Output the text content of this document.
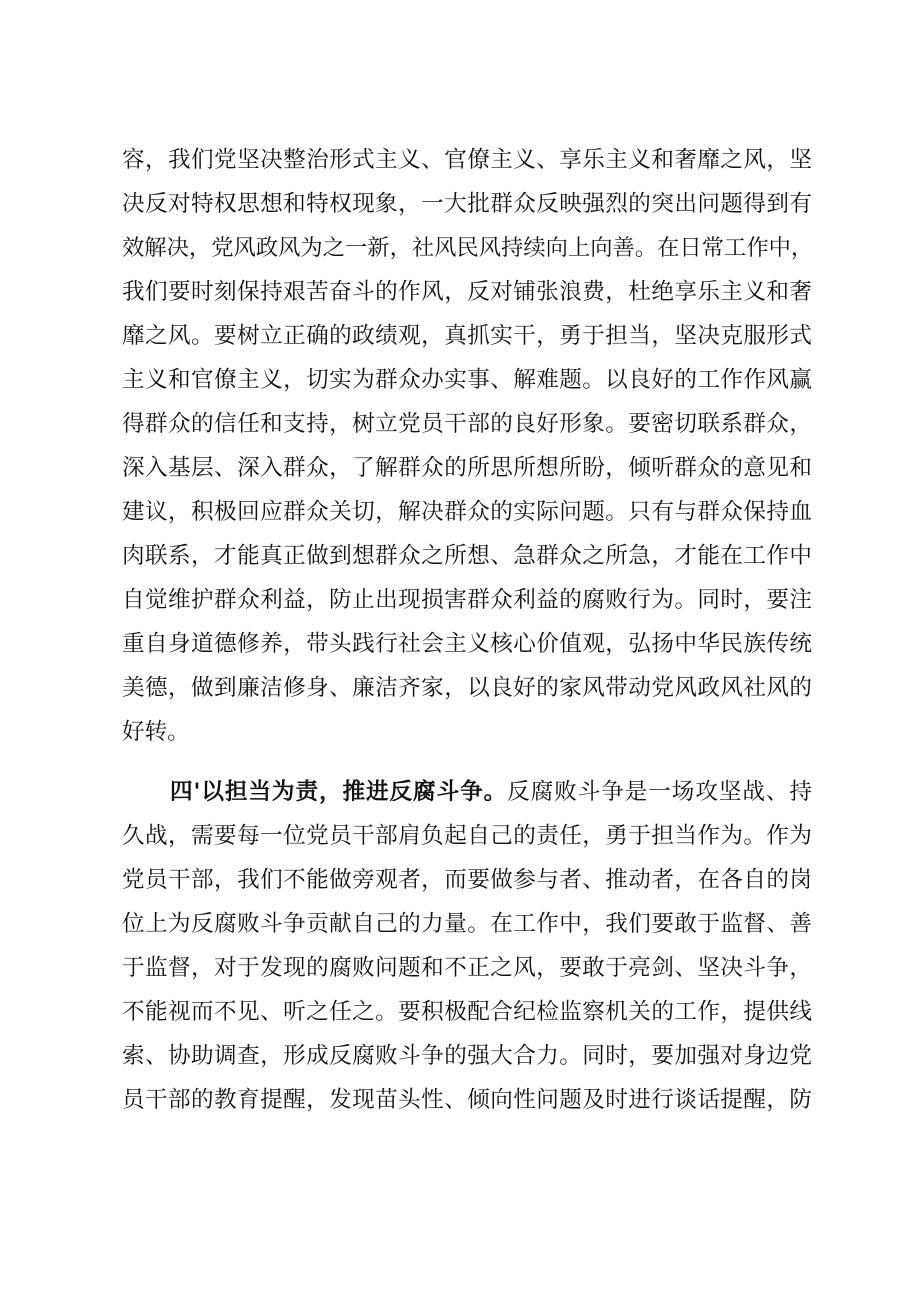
容，我们党坚决整治形式主义、官僚主义、享乐主义和奢靡之风，坚
决反对特权思想和特权现象，一大批群众反映强烈的突出问题得到有
效解决，党风政风为之一新，社风民风持续向上向善。在日常工作中，
我们要时刻保持艰苦奋斗的作风，反对铺张浪费，杜绝享乐主义和奢
靡之风。要树立正确的政绩观，真抓实干，勇于担当，坚决克服形式
主义和官僚主义，切实为群众办实事、解难题。以良好的工作作风赢
得群众的信任和支持，树立党员干部的良好形象。要密切联系群众，
深入基层、深入群众，了解群众的所思所想所盼，倾听群众的意见和
建议，积极回应群众关切，解决群众的实际问题。只有与群众保持血
肉联系，才能真正做到想群众之所想、急群众之所急，才能在工作中
自觉维护群众利益，防止出现损害群众利益的腐败行为。同时，要注
重自身道德修养，带头践行社会主义核心价值观，弘扬中华民族传统
美德，做到廉洁修身、廉洁齐家，以良好的家风带动党风政风社风的
好转。
四'以担当为责，推进反腐斗争。反腐败斗争是一场攻坚战、持
久战，需要每一位党员干部肩负起自己的责任，勇于担当作为。作为
党员干部，我们不能做旁观者，而要做参与者、推动者，在各自的岗
位上为反腐败斗争贡献自己的力量。在工作中，我们要敢于监督、善
于监督，对于发现的腐败问题和不正之风，要敢于亮剑、坚决斗争，
不能视而不见、听之任之。要积极配合纪检监察机关的工作，提供线
索、协助调查，形成反腐败斗争的强大合力。同时，要加强对身边党
员干部的教育提醒，发现苗头性、倾向性问题及时进行谈话提醒，防
